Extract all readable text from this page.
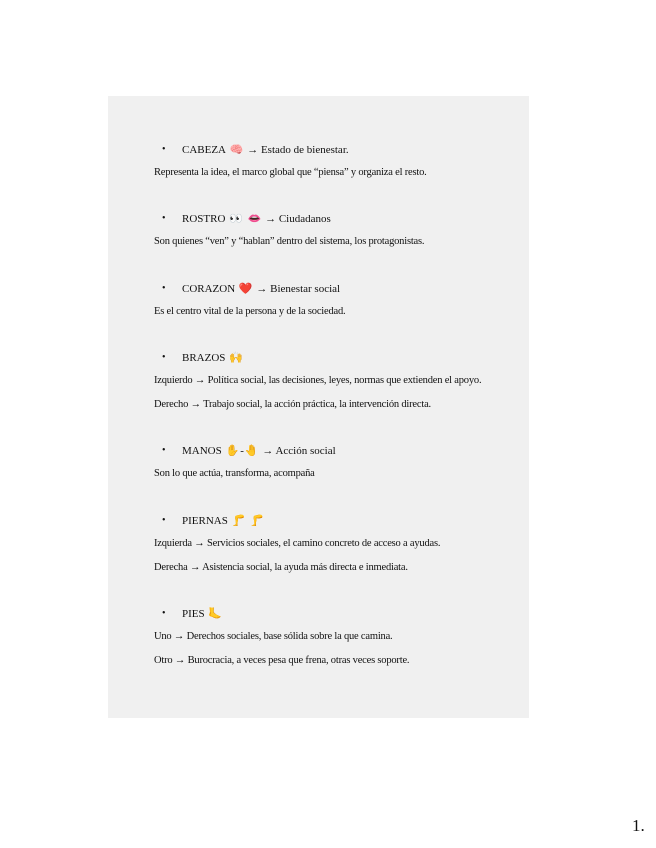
• CABEZA 🧠 → Estado de bienestar.
Representa la idea, el marco global que “piensa” y organiza el resto.
• ROSTRO 👀 👄 → Ciudadanos
Son quienes “ven” y “hablan” dentro del sistema, los protagonistas.
• CORAZON ❤️ → Bienestar social
Es el centro vital de la persona y de la sociedad.
• BRAZOS 🙌
Izquierdo → Política social, las decisiones, leyes, normas que extienden el apoyo.
Derecho → Trabajo social, la acción práctica, la intervención directa.
• MANOS ✋-🤚 → Acción social
Son lo que actúa, transforma, acompaña
• PIERNAS 🦵 🦵
Izquierda → Servicios sociales, el camino concreto de acceso a ayudas.
Derecha → Asistencia social, la ayuda más directa e inmediata.
• PIES 🦶
Uno → Derechos sociales, base sólida sobre la que camina.
Otro → Burocracia, a veces pesa que frena, otras veces soporte.
1.
